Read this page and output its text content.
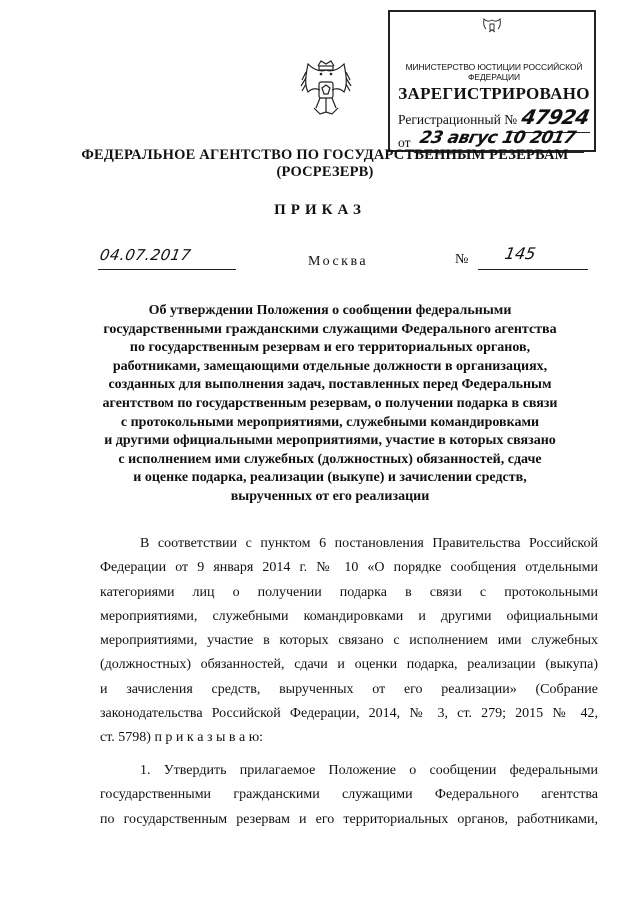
МИНИСТЕРСТВО ЮСТИЦИИ РОССИЙСКОЙ ФЕДЕРАЦИИ
ЗАРЕГИСТРИРОВАНО
Регистрационный № 47924
от 23 авгус 10 2017
ФЕДЕРАЛЬНОЕ АГЕНТСТВО ПО ГОСУДАРСТВЕННЫМ РЕЗЕРВАМ
(РОСРЕЗЕРВ)
ПРИКАЗ
04.07.2017	Москва	№ 145
Об утверждении Положения о сообщении федеральными
государственными гражданскими служащими Федерального агентства
по государственным резервам и его территориальных органов,
работниками, замещающими отдельные должности в организациях,
созданных для выполнения задач, поставленных перед Федеральным
агентством по государственным резервам, о получении подарка в связи
с протокольными мероприятиями, служебными командировками
и другими официальными мероприятиями, участие в которых связано
с исполнением ими служебных (должностных) обязанностей, сдаче
и оценке подарка, реализации (выкупе) и зачислении средств,
вырученных от его реализации
В соответствии с пунктом 6 постановления Правительства Российской
Федерации от 9 января 2014 г. № 10 «О порядке сообщения отдельными
категориями лиц о получении подарка в связи с протокольными
мероприятиями, служебными командировками и другими официальными
мероприятиями, участие в которых связано с исполнением ими служебных
(должностных) обязанностей, сдачи и оценки подарка, реализации (выкупа)
и зачисления средств, вырученных от его реализации» (Собрание
законодательства Российской Федерации, 2014, № 3, ст. 279; 2015 № 42,
ст. 5798) п р и к а з ы в а ю:
1. Утвердить прилагаемое Положение о сообщении федеральными
государственными гражданскими служащими Федерального агентства
по государственным резервам и его территориальных органов, работниками,
